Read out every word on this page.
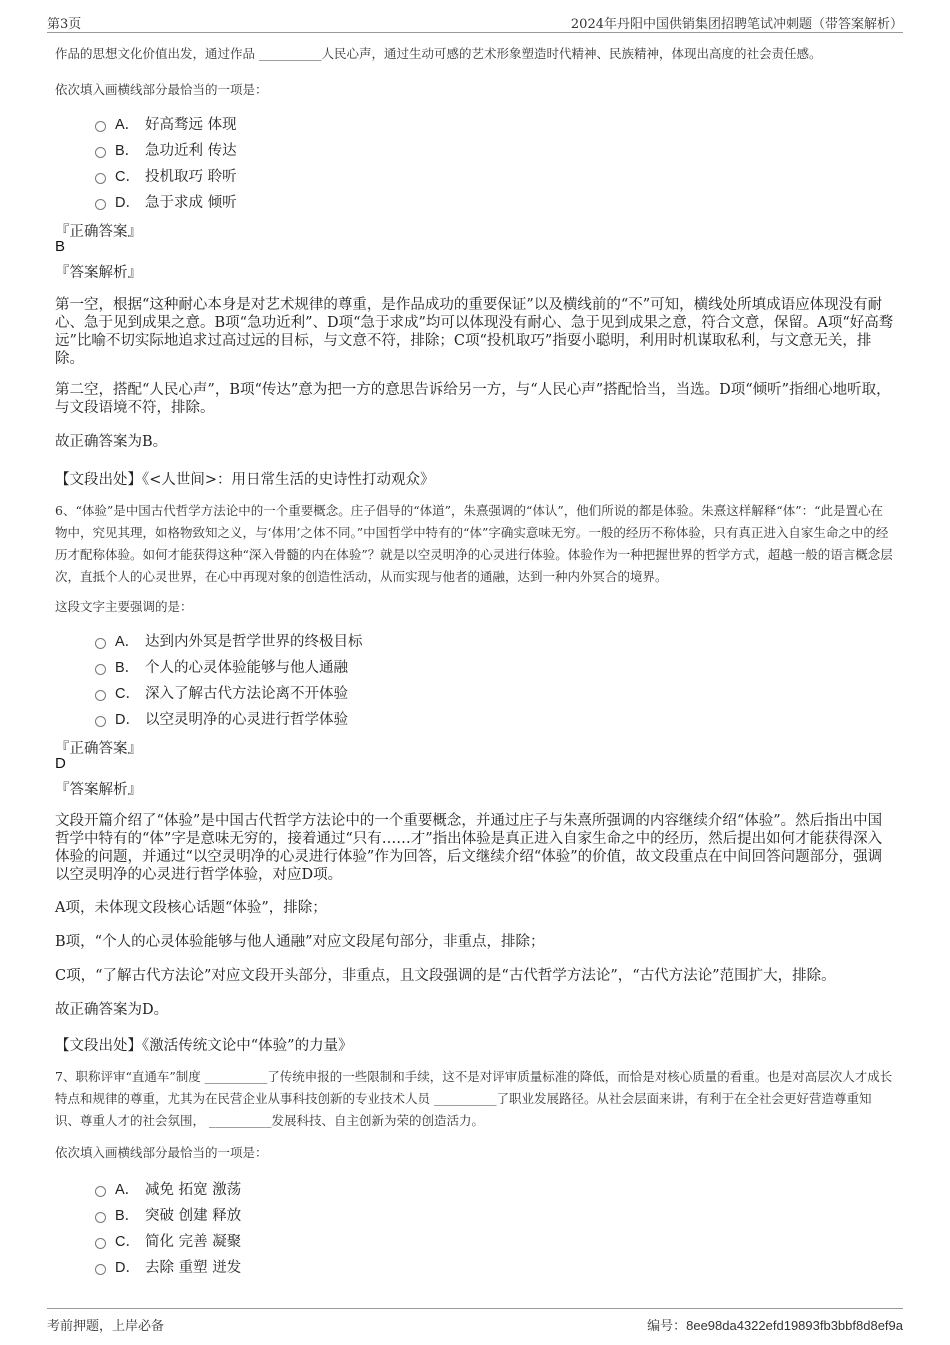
第3页	2024年丹阳中国供销集团招聘笔试冲刺题（带答案解析）

作品的思想文化价值出发，通过作品 __________人民心声，通过生动可感的艺术形象塑造时代精神、民族精神，体现出高度的社会责任感。

依次填入画横线部分最恰当的一项是：

A． 好高骛远 体现
B． 急功近利 传达
C． 投机取巧 聆听
D． 急于求成 倾听
『正确答案』
B
『答案解析』

第一空，根据“这种耐心本身是对艺术规律的尊重，是作品成功的重要保证”以及横线前的“不”可知，横线处所填成语应体现没有耐心、急于见到成果之意。B项“急功近利”、D项“急于求成”均可以体现没有耐心、急于见到成果之意，符合文意，保留。A项“好高骛远”比喻不切实际地追求过高过远的目标，与文意不符，排除；C项“投机取巧”指耍小聪明，利用时机谋取私利，与文意无关，排除。

第二空，搭配“人民心声”，B项“传达”意为把一方的意思告诉给另一方，与“人民心声”搭配恰当，当选。D项“倾听”指细心地听取，与文段语境不符，排除。

故正确答案为B。

【文段出处】《<人世间>：用日常生活的史诗性打动观众》

6、“体验”是中国古代哲学方法论中的一个重要概念。庄子倡导的“体道”，朱熹强调的“体认”，他们所说的都是体验。朱熹这样解释“体”：“此是置心在物中，究见其理，如格物致知之义，与‘体用’之体不同。”中国哲学中特有的“体”字确实意味无穷。一般的经历不称体验，只有真正进入自家生命之中的经历才配称体验。如何才能获得这种“深入骨髓的内在体验”？就是以空灵明净的心灵进行体验。体验作为一种把握世界的哲学方式，超越一般的语言概念层次，直抵个人的心灵世界，在心中再现对象的创造性活动，从而实现与他者的通融，达到一种内外冥合的境界。

这段文字主要强调的是：

A． 达到内外冥是哲学世界的终极目标
B． 个人的心灵体验能够与他人通融
C． 深入了解古代方法论离不开体验
D． 以空灵明净的心灵进行哲学体验
『正确答案』
D
『答案解析』

文段开篇介绍了“体验”是中国古代哲学方法论中的一个重要概念，并通过庄子与朱熹所强调的内容继续介绍“体验”。然后指出中国哲学中特有的“体”字是意味无穷的，接着通过“只有……才”指出体验是真正进入自家生命之中的经历，然后提出如何才能获得深入体验的问题，并通过“以空灵明净的心灵进行体验”作为回答，后文继续介绍“体验”的价值，故文段重点在中间回答问题部分，强调以空灵明净的心灵进行哲学体验，对应D项。

A项，未体现文段核心话题“体验”，排除；

B项，“个人的心灵体验能够与他人通融”对应文段尾句部分，非重点，排除；

C项，“了解古代方法论”对应文段开头部分，非重点，且文段强调的是“古代哲学方法论”，“古代方法论”范围扩大，排除。

故正确答案为D。

【文段出处】《激活传统文论中“体验”的力量》

7、职称评审“直通车”制度 __________了传统申报的一些限制和手续，这不是对评审质量标准的降低，而恰是对核心质量的看重。也是对高层次人才成长特点和规律的尊重，尤其为在民营企业从事科技创新的专业技术人员 __________了职业发展路径。从社会层面来讲，有利于在全社会更好营造尊重知识、尊重人才的社会氛围， __________发展科技、自主创新为荣的创造活力。

依次填入画横线部分最恰当的一项是：

A． 减免 拓宽 激荡
B． 突破 创建 释放
C． 简化 完善 凝聚
D． 去除 重塑 迸发
考前押题，上岸必备	编号：8ee98da4322efd19893fb3bbf8d8ef9a
